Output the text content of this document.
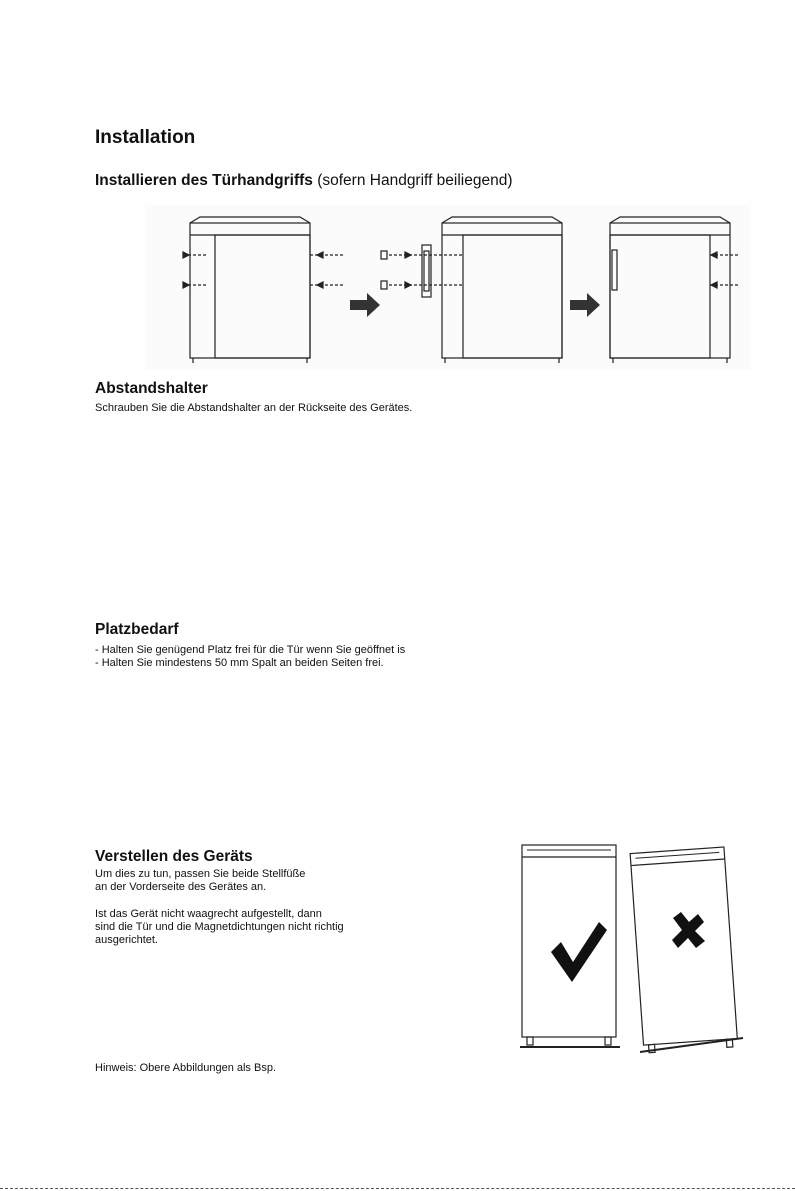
Installation
Installieren des Türhandgriffs (sofern Handgriff beiliegend)
Abstandshalter
Schrauben Sie die Abstandshalter an der Rückseite des Gerätes.
Platzbedarf
- Halten Sie genügend Platz frei für die Tür wenn Sie geöffnet is
- Halten Sie mindestens 50 mm Spalt an beiden Seiten frei.
Verstellen des Geräts
Um dies zu tun, passen Sie beide Stellfüße
an der Vorderseite des Gerätes an.
Ist das Gerät nicht waagrecht aufgestellt, dann
sind die Tür und die Magnetdichtungen nicht richtig
ausgerichtet.
Hinweis: Obere Abbildungen als Bsp.
